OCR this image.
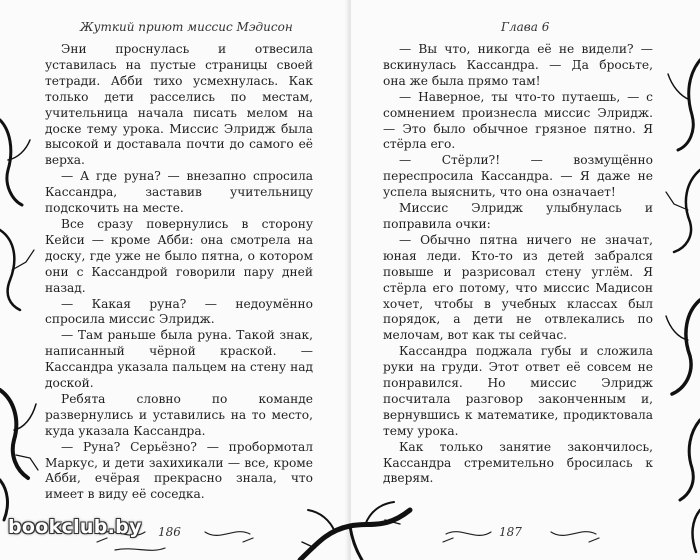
Жуткий приют миссис Мэдисон

Эни проснулась и отвесила уставилась на пустые страницы своей тетради. Абби тихо усмехнулась. Как только дети расселись по местам, учительница начала писать мелом на доске тему урока. Миссис Элридж была высокой и доставала почти до самого её верха.

— А где руна? — внезапно спросила Кассандра, заставив учительницу подскочить на месте.

Все сразу повернулись в сторону Кейси — кроме Абби: она смотрела на доску, где уже не было пятна, о котором они с Кассандрой говорили пару дней назад.

— Какая руна? — недоумённо спросила миссис Элридж.

— Там раньше была руна. Такой знак, написанный чёрной краской. — Кассандра указала пальцем на стену над доской.

Ребята словно по команде развернулись и уставились на то место, куда указала Кассандра.

— Руна? Серьёзно? — пробормотал Маркус, и дети захихикали — все, кроме Абби, ечёрая прекрасно знала, что имеет в виду её соседка.

186
Глава 6

— Вы что, никогда её не видели? — вскинулась Кассандра. — Да бросьте, она же была прямо там!

— Наверное, ты что-то путаешь, — с сомнением произнесла миссис Элридж. — Это было обычное грязное пятно. Я стёрла его.

— Стёрли?! — возмущённо переспросила Кассандра. — Я даже не успела выяснить, что она означает!

Миссис Элридж улыбнулась и поправила очки:

— Обычно пятна ничего не значат, юная леди. Кто-то из детей забрался повыше и разрисовал стену углём. Я стёрла его потому, что миссис Мадисон хочет, чтобы в учебных классах был порядок, а дети не отвлекались по мелочам, вот как ты сейчас.

Кассандра поджала губы и сложила руки на груди. Этот ответ её совсем не понравился. Но миссис Элридж посчитала разговор законченным и, вернувшись к математике, продиктовала тему урока.

Как только занятие закончилось, Кассандра стремительно бросилась к дверям.

187
bookclub.by
